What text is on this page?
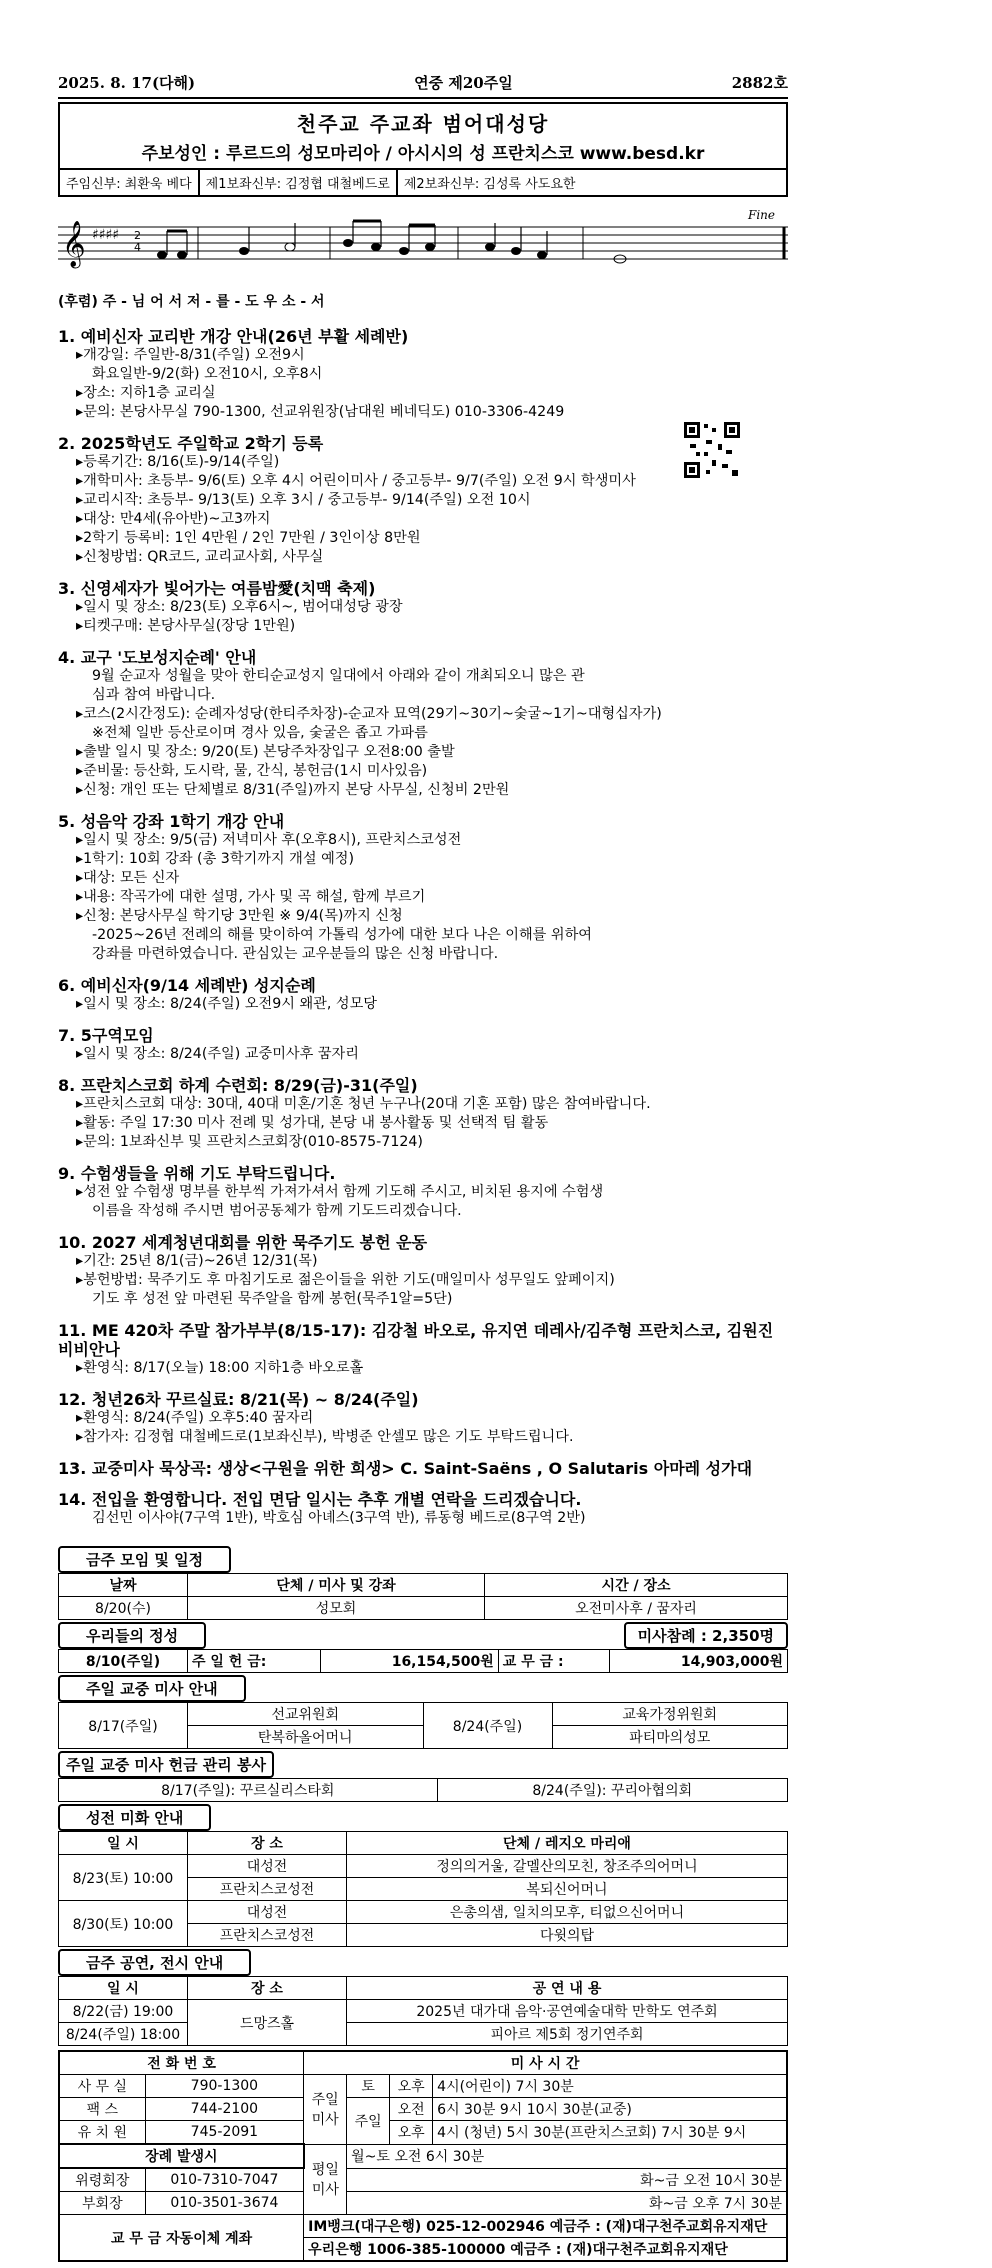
2025. 8. 17(다해)	연중 제20주일	2882호
천주교 주교좌 범어대성당
주보성인 : 루르드의 성모마리아 / 아시시의 성 프란치스코 www.besd.kr
주임신부: 최환욱 베다	제1보좌신부: 김정협 대철베드로	제2보좌신부: 김성록 사도요한
𝄞 ♯♯♯♯ 2
4
Fine
(후렴) 주 - 님 어 서 저 - 를 - 도 우 소 - 서
1. 예비신자 교리반 개강 안내(26년 부활 세례반)
▸개강일: 주일반-8/31(주일) 오전9시
화요일반-9/2(화) 오전10시, 오후8시
▸장소: 지하1층 교리실
▸문의: 본당사무실 790-1300, 선교위원장(남대원 베네딕도) 010-3306-4249
2. 2025학년도 주일학교 2학기 등록
▸등록기간: 8/16(토)-9/14(주일)
▸개학미사: 초등부- 9/6(토) 오후 4시 어린이미사 / 중고등부- 9/7(주일) 오전 9시 학생미사
▸교리시작: 초등부- 9/13(토) 오후 3시 / 중고등부- 9/14(주일) 오전 10시
▸대상: 만4세(유아반)~고3까지
▸2학기 등록비: 1인 4만원 / 2인 7만원 / 3인이상 8만원
▸신청방법: QR코드, 교리교사회, 사무실
3. 신영세자가 빛어가는 여름밤愛(치맥 축제)
▸일시 및 장소: 8/23(토) 오후6시~, 범어대성당 광장
▸티켓구매: 본당사무실(장당 1만원)
4. 교구 '도보성지순례' 안내
9월 순교자 성월을 맞아 한티순교성지 일대에서 아래와 같이 개최되오니 많은 관
심과 참여 바랍니다.
▸코스(2시간정도): 순례자성당(한티주차장)-순교자 묘역(29기~30기~숯굴~1기~대형십자가)
※전체 일반 등산로이며 경사 있음, 숯굴은 좁고 가파름
▸출발 일시 및 장소: 9/20(토) 본당주차장입구 오전8:00 출발
▸준비물: 등산화, 도시락, 물, 간식, 봉헌금(1시 미사있음)
▸신청: 개인 또는 단체별로 8/31(주일)까지 본당 사무실, 신청비 2만원
5. 성음악 강좌 1학기 개강 안내
▸일시 및 장소: 9/5(금) 저녁미사 후(오후8시), 프란치스코성전
▸1학기: 10회 강좌 (총 3학기까지 개설 예정)
▸대상: 모든 신자
▸내용: 작곡가에 대한 설명, 가사 및 곡 해설, 함께 부르기
▸신청: 본당사무실 학기당 3만원 ※ 9/4(목)까지 신청
-2025~26년 전례의 해를 맞이하여 가톨릭 성가에 대한 보다 나은 이해를 위하여
강좌를 마련하였습니다. 관심있는 교우분들의 많은 신청 바랍니다.
6. 예비신자(9/14 세례반) 성지순례
▸일시 및 장소: 8/24(주일) 오전9시 왜관, 성모당
7. 5구역모임
▸일시 및 장소: 8/24(주일) 교중미사후 꿈자리
8. 프란치스코회 하계 수련회: 8/29(금)-31(주일)
▸프란치스코회 대상: 30대, 40대 미혼/기혼 청년 누구나(20대 기혼 포함) 많은 참여바랍니다.
▸활동: 주일 17:30 미사 전례 및 성가대, 본당 내 봉사활동 및 선택적 팀 활동
▸문의: 1보좌신부 및 프란치스코회장(010-8575-7124)
9. 수험생들을 위해 기도 부탁드립니다.
▸성전 앞 수험생 명부를 한부씩 가져가셔서 함께 기도해 주시고, 비치된 용지에 수험생
이름을 작성해 주시면 범어공동체가 함께 기도드리겠습니다.
10. 2027 세계청년대회를 위한 묵주기도 봉헌 운동
▸기간: 25년 8/1(금)~26년 12/31(목)
▸봉헌방법: 묵주기도 후 마침기도로 젊은이들을 위한 기도(매일미사 성무일도 앞페이지)
기도 후 성전 앞 마련된 묵주알을 함께 봉헌(묵주1알=5단)
11. ME 420차 주말 참가부부(8/15-17): 김강철 바오로, 유지연 데레사/김주형 프란치스코, 김원진 비비안나
▸환영식: 8/17(오늘) 18:00 지하1층 바오로홀
12. 청년26차 꾸르실료: 8/21(목) ~ 8/24(주일)
▸환영식: 8/24(주일) 오후5:40 꿈자리
▸참가자: 김정협 대철베드로(1보좌신부), 박병준 안셀모 많은 기도 부탁드립니다.
13. 교중미사 묵상곡: 생상<구원을 위한 희생> C. Saint-Saëns , O Salutaris 아마레 성가대
14. 전입을 환영합니다. 전입 면담 일시는 추후 개별 연락을 드리겠습니다.
김선민 이사야(7구역 1반), 박호심 아녜스(3구역 반), 류동형 베드로(8구역 2반)
금주 모임 및 일정
날짜	단체 / 미사 및 강좌	시간 / 장소
8/20(수)	성모회	오전미사후 / 꿈자리
우리들의 정성	미사참례 : 2,350명
8/10(주일)	주 일 헌 금:	16,154,500원	교 무 금 :	14,903,000원
주일 교중 미사 안내
8/17(주일)	선교위원회	8/24(주일)	교육가정위원회
	탄복하올어머니		파티마의성모
주일 교중 미사 헌금 관리 봉사
8/17(주일): 꾸르실리스타회	8/24(주일): 꾸리아협의회
성전 미화 안내
일 시	장 소	단체 / 레지오 마리애
8/23(토) 10:00	대성전	정의의거울, 갈멜산의모친, 창조주의어머니
	프란치스코성전	복되신어머니
8/30(토) 10:00	대성전	은총의샘, 일치의모후, 티없으신어머니
	프란치스코성전	다윗의탑
금주 공연, 전시 안내
일 시	장 소	공 연 내 용
8/22(금) 19:00	드망즈홀	2025년 대가대 음악·공연예술대학 만학도 연주회
8/24(주일) 18:00		피아르 제5회 정기연주회
전 화 번 호		미 사 시 간			
사 무 실	790-1300	주일 미사	토	오후	4시(어린이) 7시 30분
팩 스	744-2100		주일	오전	6시 30분 9시 10시 30분(교중)
유 치 원	745-2091			오후	4시 (청년) 5시 30분(프란치스코회) 7시 30분 9시
장례 발생시		평일 미사	월~토 오전 6시 30분		
위령회장	010-7310-7047		화~금 오전 10시 30분		
부회장	010-3501-3674		화~금 오후 7시 30분		
교 무 금 자동이체 계좌		IM뱅크(대구은행) 025-12-002946 예금주 : (재)대구천주교회유지재단			
		우리은행 1006-385-100000 예금주 : (재)대구천주교회유지재단			
